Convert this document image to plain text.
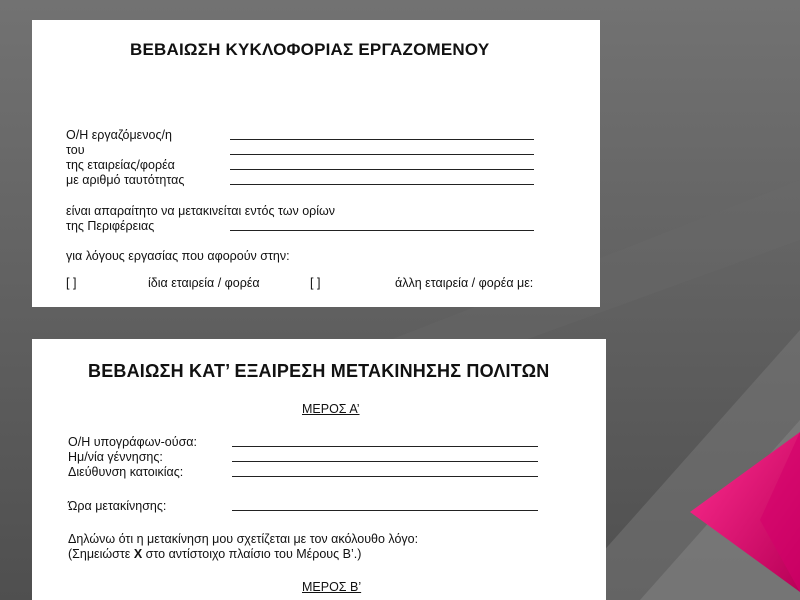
ΒΕΒΑΙΩΣΗ ΚΥΚΛΟΦΟΡΙΑΣ ΕΡΓΑΖΟΜΕΝΟΥ
Ο/Η εργαζόμενος/η
του
της εταιρείας/φορέα
με αριθμό ταυτότητας
είναι απαραίτητο να μετακινείται εντός των ορίων
της Περιφέρειας
για λόγους εργασίας που αφορούν στην:
[ ]	ίδια εταιρεία / φορέα	[ ]	άλλη εταιρεία / φορέα με:
ΒΕΒΑΙΩΣΗ ΚΑΤ’ ΕΞΑΙΡΕΣΗ ΜΕΤΑΚΙΝΗΣΗΣ ΠΟΛΙΤΩΝ
ΜΕΡΟΣ Α’
Ο/Η υπογράφων-ούσα:
Ημ/νία γέννησης:
Διεύθυνση κατοικίας:
Ώρα μετακίνησης:
Δηλώνω ότι η μετακίνηση μου σχετίζεται με τον ακόλουθο λόγο:
(Σημειώστε Χ στο αντίστοιχο πλαίσιο του Μέρους Β’.)
ΜΕΡΟΣ Β’
